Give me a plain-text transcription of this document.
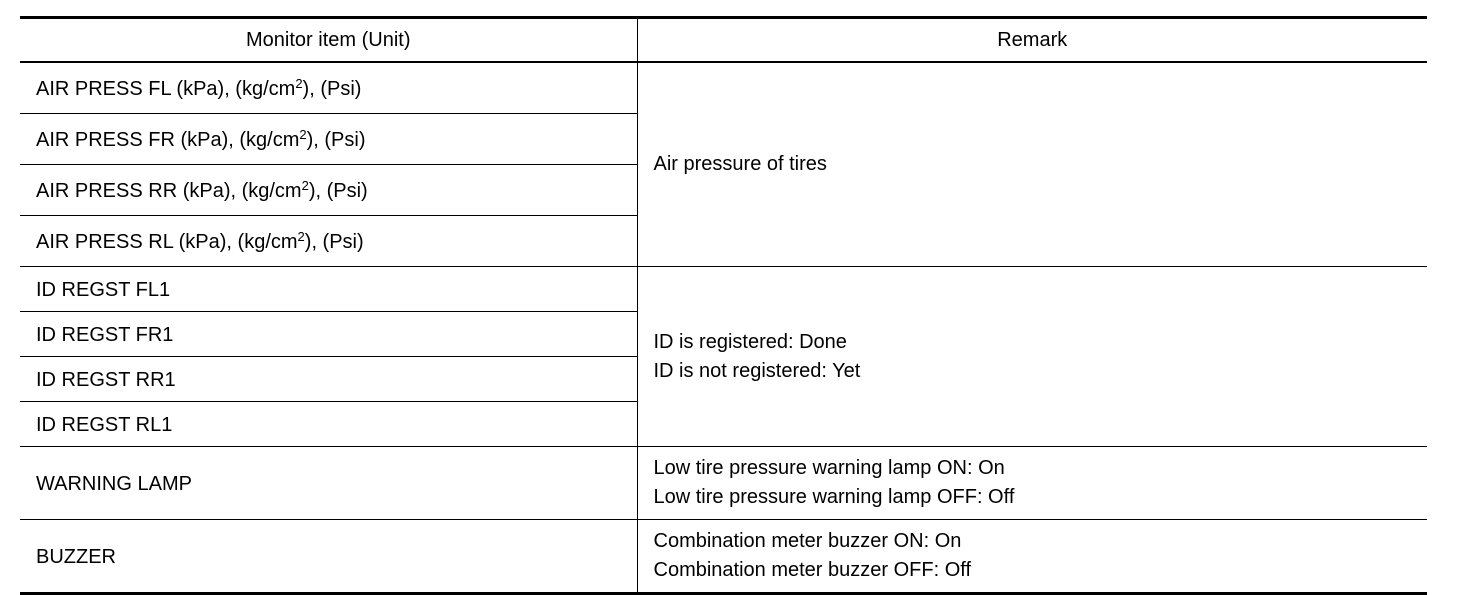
Monitor item (Unit)	Remark
AIR PRESS FL (kPa), $(kg/cm^2)$, (Psi)	Air pressure of tires
AIR PRESS FR (kPa), $(kg/cm^2)$, (Psi)	
AIR PRESS RR (kPa), $(kg/cm^2)$, (Psi)	
AIR PRESS RL (kPa), $(kg/cm^2)$, (Psi)	
ID REGST FL1	ID is registered: Done
ID is not registered: Yet

ID REGST FR1	
ID REGST RR1	
ID REGST RL1	
WARNING LAMP	Low tire pressure warning lamp ON: On
Low tire pressure warning lamp OFF: Off

BUZZER	Combination meter buzzer ON: On
Combination meter buzzer OFF: Off
